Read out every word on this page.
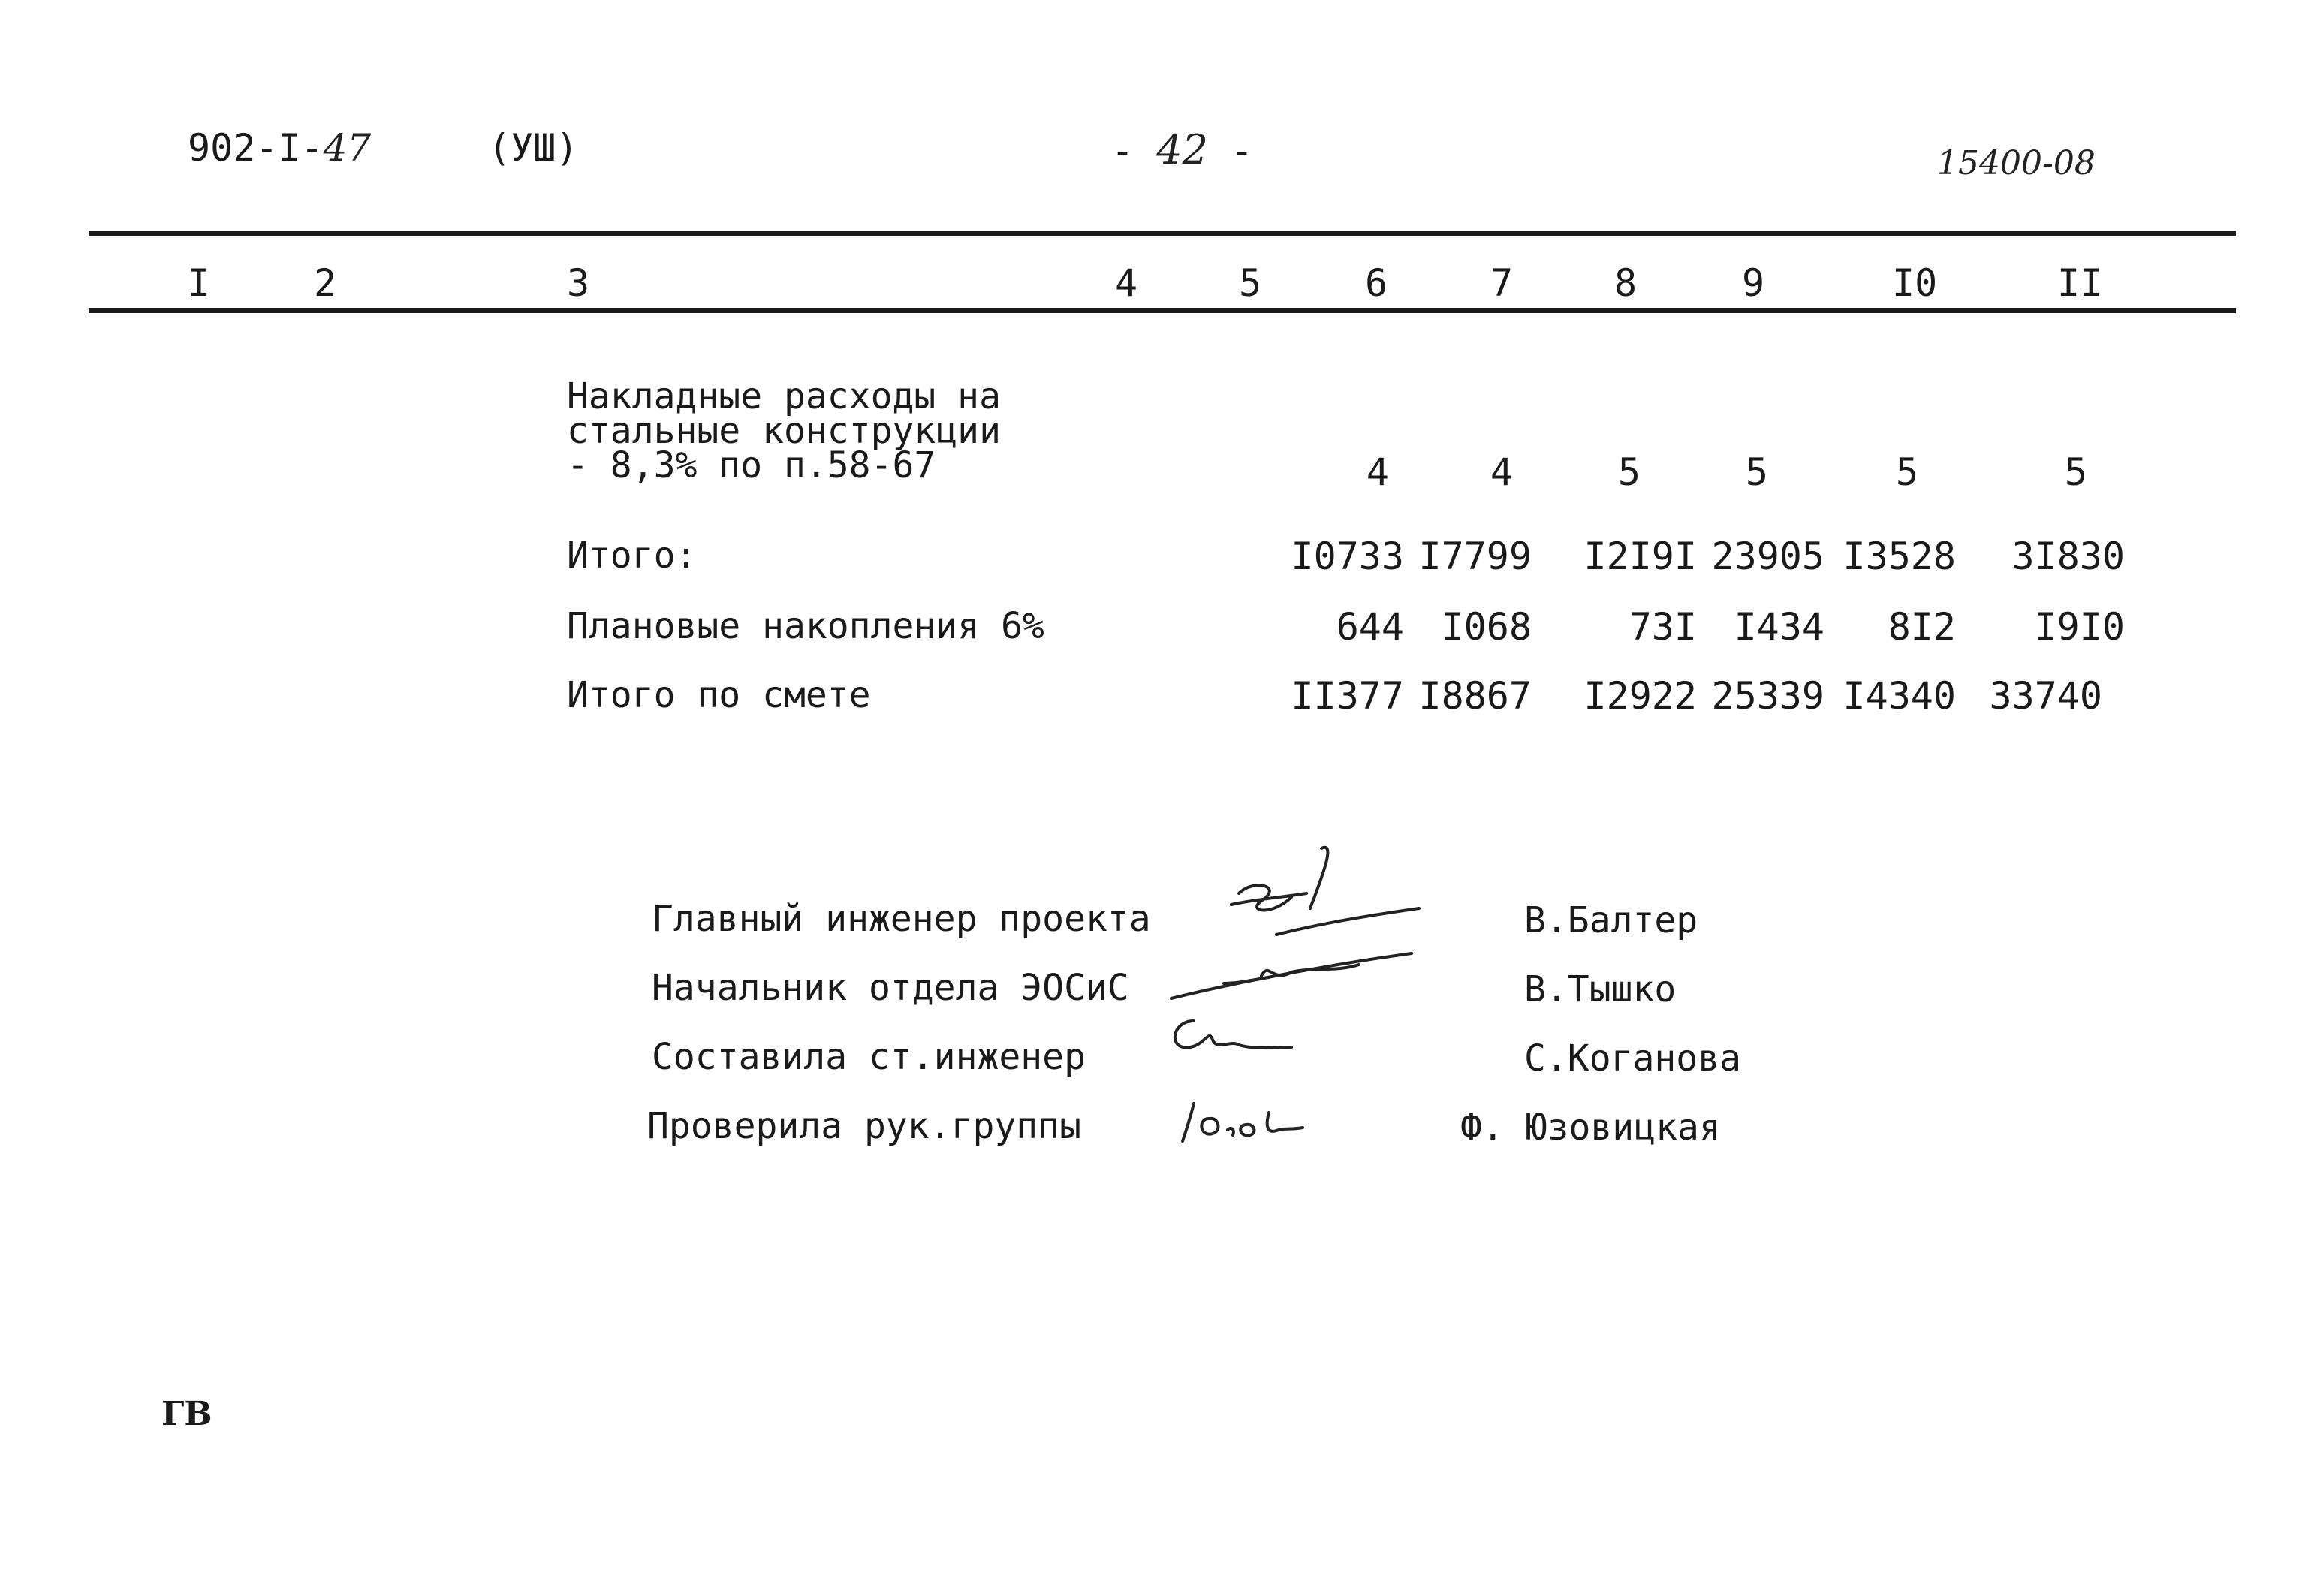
902-I-47	(УШ)	- 42 -	15400-08
I	2	3	4	5	6	7	8	9	I0	II
Накладные расходы на
стальные конструкции
- 8,3% по п.58-67	4	4	5	5	5	5
Итого:	I0733 I7799	I2I9I 23905 I3528	3I830
Плановые накопления 6%	644 I068	73I I434	8I2	I9I0
Итого по смете	II377 I8867	I2922 25339 I4340 33740
Главный инженер проекта	В.Балтер
Начальник отдела ЭОСиС	В.Тышко
Составила ст.инженер	С.Коганова
Проверила рук.группы	Ф. Юзовицкая
ГВ
